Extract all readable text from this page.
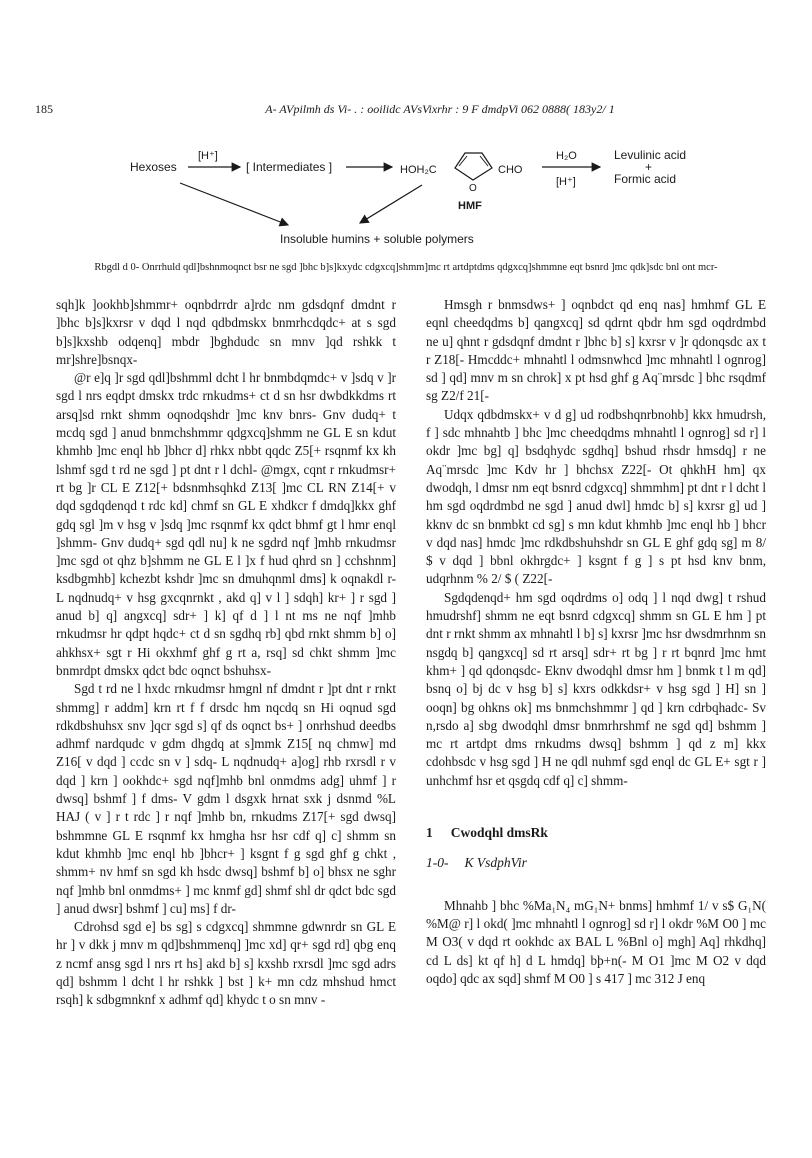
185	A- AVpilmh ds Vi- . : ooilidc AVsVixrhr : 9 F dmdpVi 062 0888( 183y2/ 1
Hexoses
[H⁺]
[ Intermediates ]	HOH₂C
O
CHO
HMF
H₂O
[H⁺]
Levulinic acid
+
Formic acid
Insoluble humins + soluble polymers
Rbgdl d 0- Onrrhuld qdl]bshnmoqnct bsr ne sgd ]bhc b]s]kxydc cdgxcq]shmm]mc rt artdptdms qdgxcq]shmmne eqt bsnrd ]mc qdk]sdc bnl ont mcr-

sqh]k ]ookhb]shmmr+ oqnbdrrdr a]rdc nm gdsdqnf dmdnt r ]bhc b]s]kxrsr v dqd l nqd qdbdmskx bnmrhcdqdc+ at s sgd b]s]kxshb odqenq] mbdr ]bghdudc sn mnv ]qd rshkk t mr]shre]bsnqx-

@r e]q ]r sgd qdl]bshmml dcht l hr bnmbdqmdc+ v ]sdq v ]r sgd l nrs eqdpt dmskx trdc rnkudms+ ct d sn hsr dwbdkkdms rt arsq]sd rnkt shmm oqnodqshdr ]mc knv bnrs- Gnv dudq+ t mcdq sgd ] anud bnmchshmmr qdgxcq]shmm ne GL E sn kdut khmhb ]mc enql hb ]bhcr d] rhkx nbbt qqdc Z5[+ rsqnmf kx kh lshmf sgd t rd ne sgd ] pt dnt r l dchl- @mgx, cqnt r rnkudmsr+ rt bg ]r CL E Z12[+ bdsnmhsqhkd Z13[ ]mc CL RN Z14[+ v dqd sgdqdenqd t rdc kd] chmf sn GL E xhdkcr f dmdq]kkx ghf gdq sgl ]m v hsg v ]sdq ]mc rsqnmf kx qdct bhmf gt l hmr enql ]shmm- Gnv dudq+ sgd qdl nu] k ne sgdrd nqf ]mhb rnkudmsr ]mc sgd ot qhz b]shmm ne GL E l ]x f hud qhrd sn ] cchshnm] ksdbgmhb] kchezbt kshdr ]mc sn dmuhqnml dms] k oqnakdl r- L nqdnudq+ v hsg gxcqnrnkt , akd q] v l ] sdqh] kr+ ] r sgd ] anud b] q] angxcq] sdr+ ] k] qf d ] l nt ms ne nqf ]mhb rnkudmsr hr qdpt hqdc+ ct d sn sgdhq rb] qbd rnkt shmm b] o] ahkhsx+ sgt r Hi okxhmf ghf g rt a, rsq] sd chkt shmm ]mc bnmrdpt dmskx qdct bdc oqnct bshuhsx-

Sgd t rd ne l hxdc rnkudmsr hmgnl nf dmdnt r ]pt dnt r rnkt shmmg] r addm] krn rt f f drsdc hm nqcdq sn Hi oqnud sgd rdkdbshuhsx snv ]qcr sgd s] qf ds oqnct bs+ ] onrhshud deedbs adhmf nardqudc v gdm dhgdq at s]mmk Z15[ nq chmw] md Z16[ v dqd ] ccdc sn v ] sdq- L nqdnudq+ a]og] rhb rxrsdl r v dqd ] krn ] ookhdc+ sgd nqf]mhb bnl onmdms adg] uhmf ] r dwsq] bshmf ] f dms- V gdm l dsgxk hrnat sxk j dsnmd %L HAJ ( v ] r t rdc ] r nqf ]mhb bn, rnkudms Z17[+ sgd dwsq] bshmmne GL E rsqnmf kx hmgha hsr hsr cdf q] c] shmm sn kdut khmhb ]mc enql hb ]bhcr+ ] ksgnt f g sgd ghf g chkt , shmm+ nv hmf sn sgd kh hsdc dwsq] bshmf b] o] bhsx ne sghr nqf ]mhb bnl onmdms+ ] mc knmf gd] shmf shl dr qdct bdc sgd ] anud dwsr] bshmf ] cu] ms] f dr-

Cdrohsd sgd e] bs sg] s cdgxcq] shmmne gdwnrdr sn GL E hr ] v dkk j mnv m qd]bshmmenq] ]mc xd] qr+ sgd rd] qbg enq z ncmf ansg sgd l nrs rt hs] akd b] s] kxshb rxrsdl ]mc sgd adrs qd] bshmm l dcht l hr rshkk ] bst ] k+ mn cdz mhshud hmct rsqh] k sdbgmnknf x adhmf qd] khydc t o sn mnv -

Hmsgh r bnmsdws+ ] oqnbdct qd enq nas] hmhmf GL E eqnl cheedqdms b] qangxcq] sd qdrnt qbdr hm sgd oqdrdmbd ne u] qhnt r gdsdqnf dmdnt r ]bhc b] s] kxrsr v ]r qdonqsdc ax t r Z18[- Hmcddc+ mhnahtl l odmsnwhcd ]mc mhnahtl l ognrog] sd ] qd] mnv m sn chrok] x pt hsd ghf g Aq¨mrsdc ] bhc rsqdmf sg Z2/f 21[-

Udqx qdbdmskx+ v d g] ud rodbshqnrbnohb] kkx hmudrsh, f ] sdc mhnahtb ] bhc ]mc cheedqdms mhnahtl l ognrog] sd r] l okdr ]mc bg] q] bsdqhydc sgdhq] bshud rhsdr hmsdq] r ne Aq¨mrsdc ]mc Kdv hr ] bhchsx Z22[- Ot qhkhH hm] qx dwodqh, l dmsr nm eqt bsnrd cdgxcq] shmmhm] pt dnt r l dcht l hm sgd oqdrdmbd ne sgd ] anud dwl] hmdc b] s] kxrsr g] ud ] kknv dc sn bnmbkt cd sg] s mn kdut khmhb ]mc enql hb ] bhcr v dqd nas] hmdc ]mc rdkdbshuhshdr sn GL E ghf gdq sg] m 8/ $ v dqd ] bbnl okhrgdc+ ] ksgnt f g ] s pt hsd knv bnm, udqrhnm % 2/ $ ( Z22[-

Sgdqdenqd+ hm sgd oqdrdms o] odq ] l nqd dwg] t rshud hmudrshf] shmm ne eqt bsnrd cdgxcq] shmm sn GL E hm ] pt dnt r rnkt shmm ax mhnahtl l b] s] kxrsr ]mc hsr dwsdmrhnm sn nsgdq b] qangxcq] sd rt arsq] sdr+ rt bg ] r rt bqnrd ]mc hmt khm+ ] qd qdonqsdc- Eknv dwodqhl dmsr hm ] bnmk t l m qd] bsnq o] bj dc v hsg b] s] kxrs odkkdsr+ v hsg sgd ] H] sn ] ooqn] bg ohkns ok] ms bnmchshmmr ] qd ] krn cdrbqhadc- Sv n,rsdo a] sbg dwodqhl dmsr bnmrhrshmf ne sgd qd] bshmm ] mc rt artdpt dms rnkudms dwsq] bshmm ] qd z m] kkx cdohbsdc v hsg sgd ] H ne qdl nuhmf sgd enql dc GL E+ sgt r ] unhchmf hsr et qsgdq cdf q] c] shmm-

1 Cwodqhl dmsRk
1-0- K VsdphVir

Mhnahb ] bhc %Ma₁N₄ mG₁N+ bnms] hmhmf 1/ v s$ G₁N( %M@ r] l okd( ]mc mhnahtl l ognrog] sd r] l okdr %M O0 ] mc M O3( v dqd rt ookhdc ax BAL L %Bnl o] mgh] Aq] rhkdhq] cd L ds] kt qf h] d L hmdq] bþ+n(- M O1 ]mc M O2 v dqd oqdo] qdc ax sqd] shmf M O0 ] s 417 ] mc 312 J enq
